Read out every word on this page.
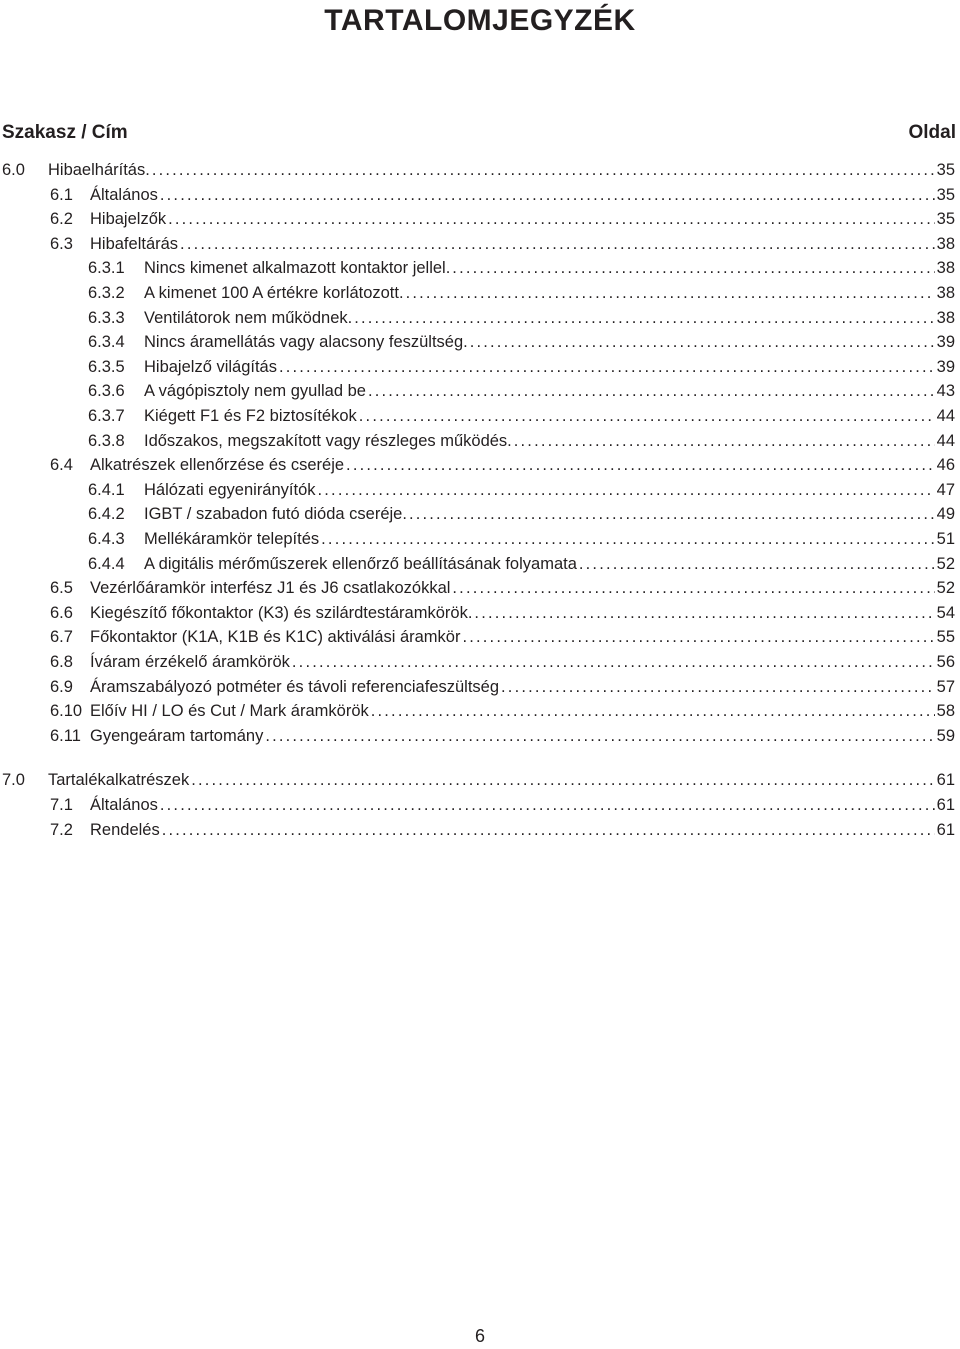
TARTALOMJEGYZÉK
Szakasz / Cím	Oldal
6.0	Hibaelhárítás. . . .	35
6.1	Általános . . .	35
6.2	Hibajelzők . . .	35
6.3	Hibafeltárás . . .	38
6.3.1	Nincs kimenet alkalmazott kontaktor jellel. . . .	38
6.3.2	A kimenet 100 A értékre korlátozott. . . .	38
6.3.3	Ventilátorok nem működnek. . . .	38
6.3.4	Nincs áramellátás vagy alacsony feszültség. . . .	39
6.3.5	Hibajelző világítás . . .	39
6.3.6	A vágópisztoly nem gyullad be . . .	43
6.3.7	Kiégett F1 és F2 biztosítékok . . .	44
6.3.8	Időszakos, megszakított vagy részleges működés. . . .	44
6.4	Alkatrészek ellenőrzése és cseréje . . .	46
6.4.1	Hálózati egyenirányítók . . .	47
6.4.2	IGBT / szabadon futó dióda cseréje. . . .	49
6.4.3	Mellékáramkör telepítés . . .	51
6.4.4	A digitális mérőműszerek ellenőrző beállításának folyamata . . .	52
6.5	Vezérlőáramkör interfész J1 és J6 csatlakozókkal . . .	52
6.6	Kiegészítő főkontaktor (K3) és szilárdtestáramkörök. . . .	54
6.7	Főkontaktor (K1A, K1B és K1C) aktiválási áramkör . . .	55
6.8	Íváram érzékelő áramkörök . . .	56
6.9	Áramszabályozó potméter és távoli referenciafeszültség . . .	57
6.10 Előív HI / LO és Cut / Mark áramkörök . . .	58
6.11 Gyengeáram tartomány . . .	59
7.0	Tartalékalkatrészek . . .	61
7.1	Általános . . .	61
7.2	Rendelés . . .	61
6
